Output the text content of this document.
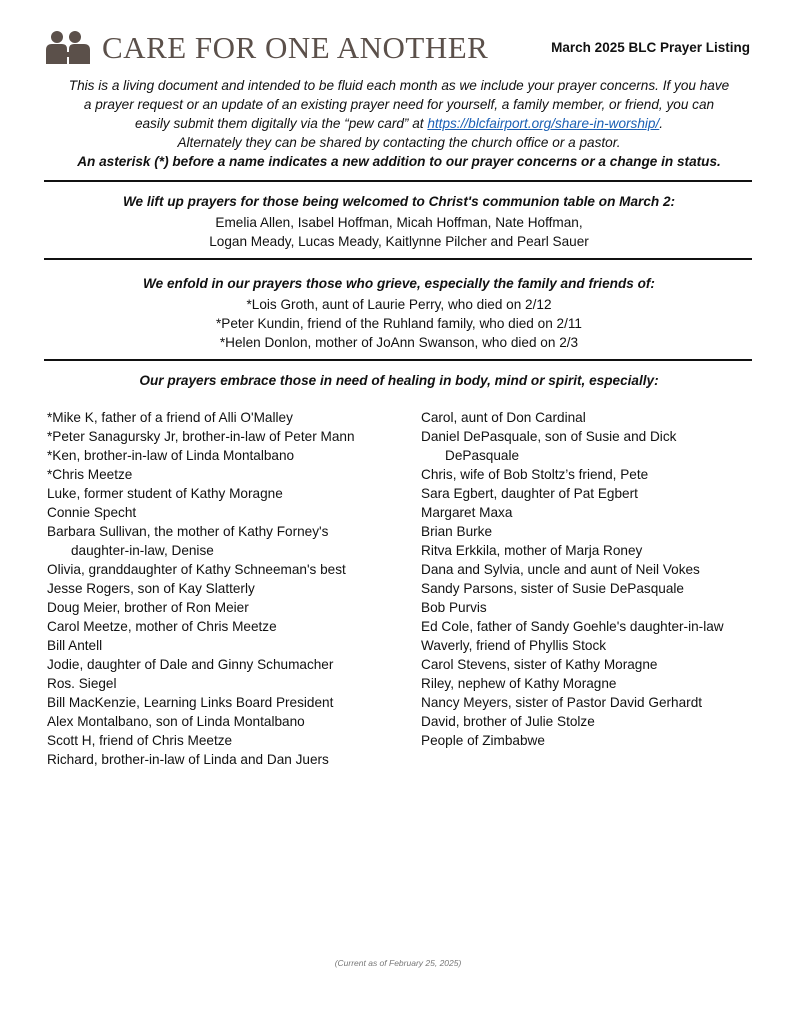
CARE FOR ONE ANOTHER	March 2025 BLC Prayer Listing

This is a living document and intended to be fluid each month as we include your prayer concerns. If you have

a prayer request or an update of an existing prayer need for yourself, a family member, or friend, you can

easily submit them digitally via the “pew card” at https://blcfairport.org/share-in-worship/.

Alternately they can be shared by contacting the church office or a pastor.

An asterisk (*) before a name indicates a new addition to our prayer concerns or a change in status.

We lift up prayers for those being welcomed to Christ's communion table on March 2:

Emelia Allen, Isabel Hoffman, Micah Hoffman, Nate Hoffman,

Logan Meady, Lucas Meady, Kaitlynne Pilcher and Pearl Sauer

We enfold in our prayers those who grieve, especially the family and friends of:

*Lois Groth, aunt of Laurie Perry, who died on 2/12

*Peter Kundin, friend of the Ruhland family, who died on 2/11

*Helen Donlon, mother of JoAnn Swanson, who died on 2/3

Our prayers embrace those in need of healing in body, mind or spirit, especially:
*Mike K, father of a friend of Alli O'Malley
*Peter Sanagursky Jr, brother-in-law of Peter Mann
*Ken, brother-in-law of Linda Montalbano
*Chris Meetze
Luke, former student of Kathy Moragne
Connie Specht
Barbara Sullivan, the mother of Kathy Forney's
daughter-in-law, Denise
Olivia, granddaughter of Kathy Schneeman's best
Jesse Rogers, son of Kay Slatterly
Doug Meier, brother of Ron Meier
Carol Meetze, mother of Chris Meetze
Bill Antell
Jodie, daughter of Dale and Ginny Schumacher
Ros. Siegel
Bill MacKenzie, Learning Links Board President
Alex Montalbano, son of Linda Montalbano
Scott H, friend of Chris Meetze
Richard, brother-in-law of Linda and Dan Juers
Carol, aunt of Don Cardinal
Daniel DePasquale, son of Susie and Dick
DePasquale
Chris, wife of Bob Stoltz’s friend, Pete
Sara Egbert, daughter of Pat Egbert
Margaret Maxa
Brian Burke
Ritva Erkkila, mother of Marja Roney
Dana and Sylvia, uncle and aunt of Neil Vokes
Sandy Parsons, sister of Susie DePasquale
Bob Purvis
Ed Cole, father of Sandy Goehle's daughter-in-law
Waverly, friend of Phyllis Stock
Carol Stevens, sister of Kathy Moragne
Riley, nephew of Kathy Moragne
Nancy Meyers, sister of Pastor David Gerhardt
David, brother of Julie Stolze
People of Zimbabwe
(Current as of February 25, 2025)
